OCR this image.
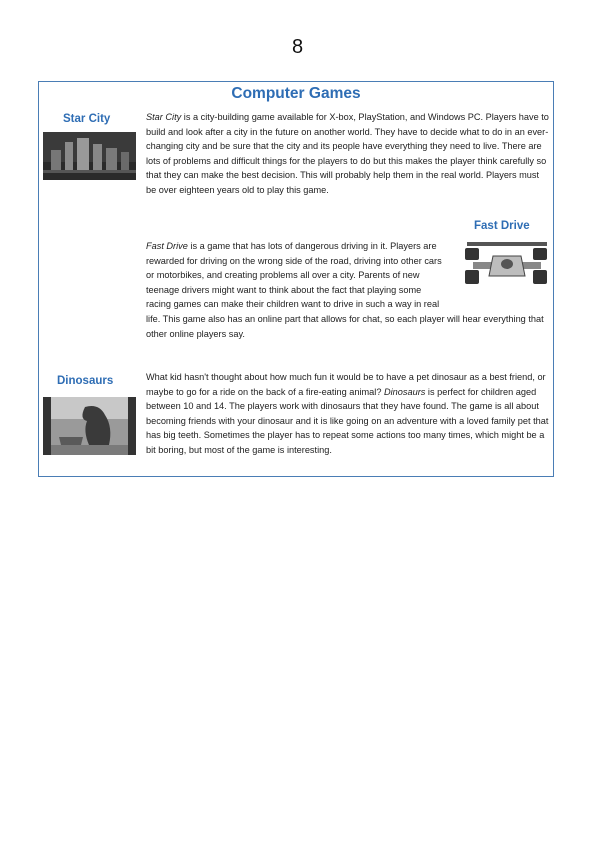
8
Computer Games
Star City	Star City is a city-building game available for X-box, PlayStation, and Windows PC. Players have to build and look after a city in the future on another world. They have to decide what to do in an ever-changing city and be sure that the city and its people have everything they need to live. There are lots of problems and difficult things for the players to do but this makes the player think carefully so that they can make the best decision. This will probably help them in the real world. Players must be over eighteen years old to play this game.
Fast Drive
Fast Drive is a game that has lots of dangerous driving in it. Players are rewarded for driving on the wrong side of the road, driving into other cars or motorbikes, and creating problems all over a city. Parents of new teenage drivers might want to think about the fact that playing some racing games can make their children want to drive in such a way in real life. This game also has an online part that allows for chat, so each player will hear everything that other online players say.
Dinosaurs	What kid hasn't thought about how much fun it would be to have a pet dinosaur as a best friend, or maybe to go for a ride on the back of a fire-eating animal? Dinosaurs is perfect for children aged between 10 and 14. The players work with dinosaurs that they have found. The game is all about becoming friends with your dinosaur and it is like going on an adventure with a loved family pet that has big teeth. Sometimes the player has to repeat some actions too many times, which might be a bit boring, but most of the game is interesting.
